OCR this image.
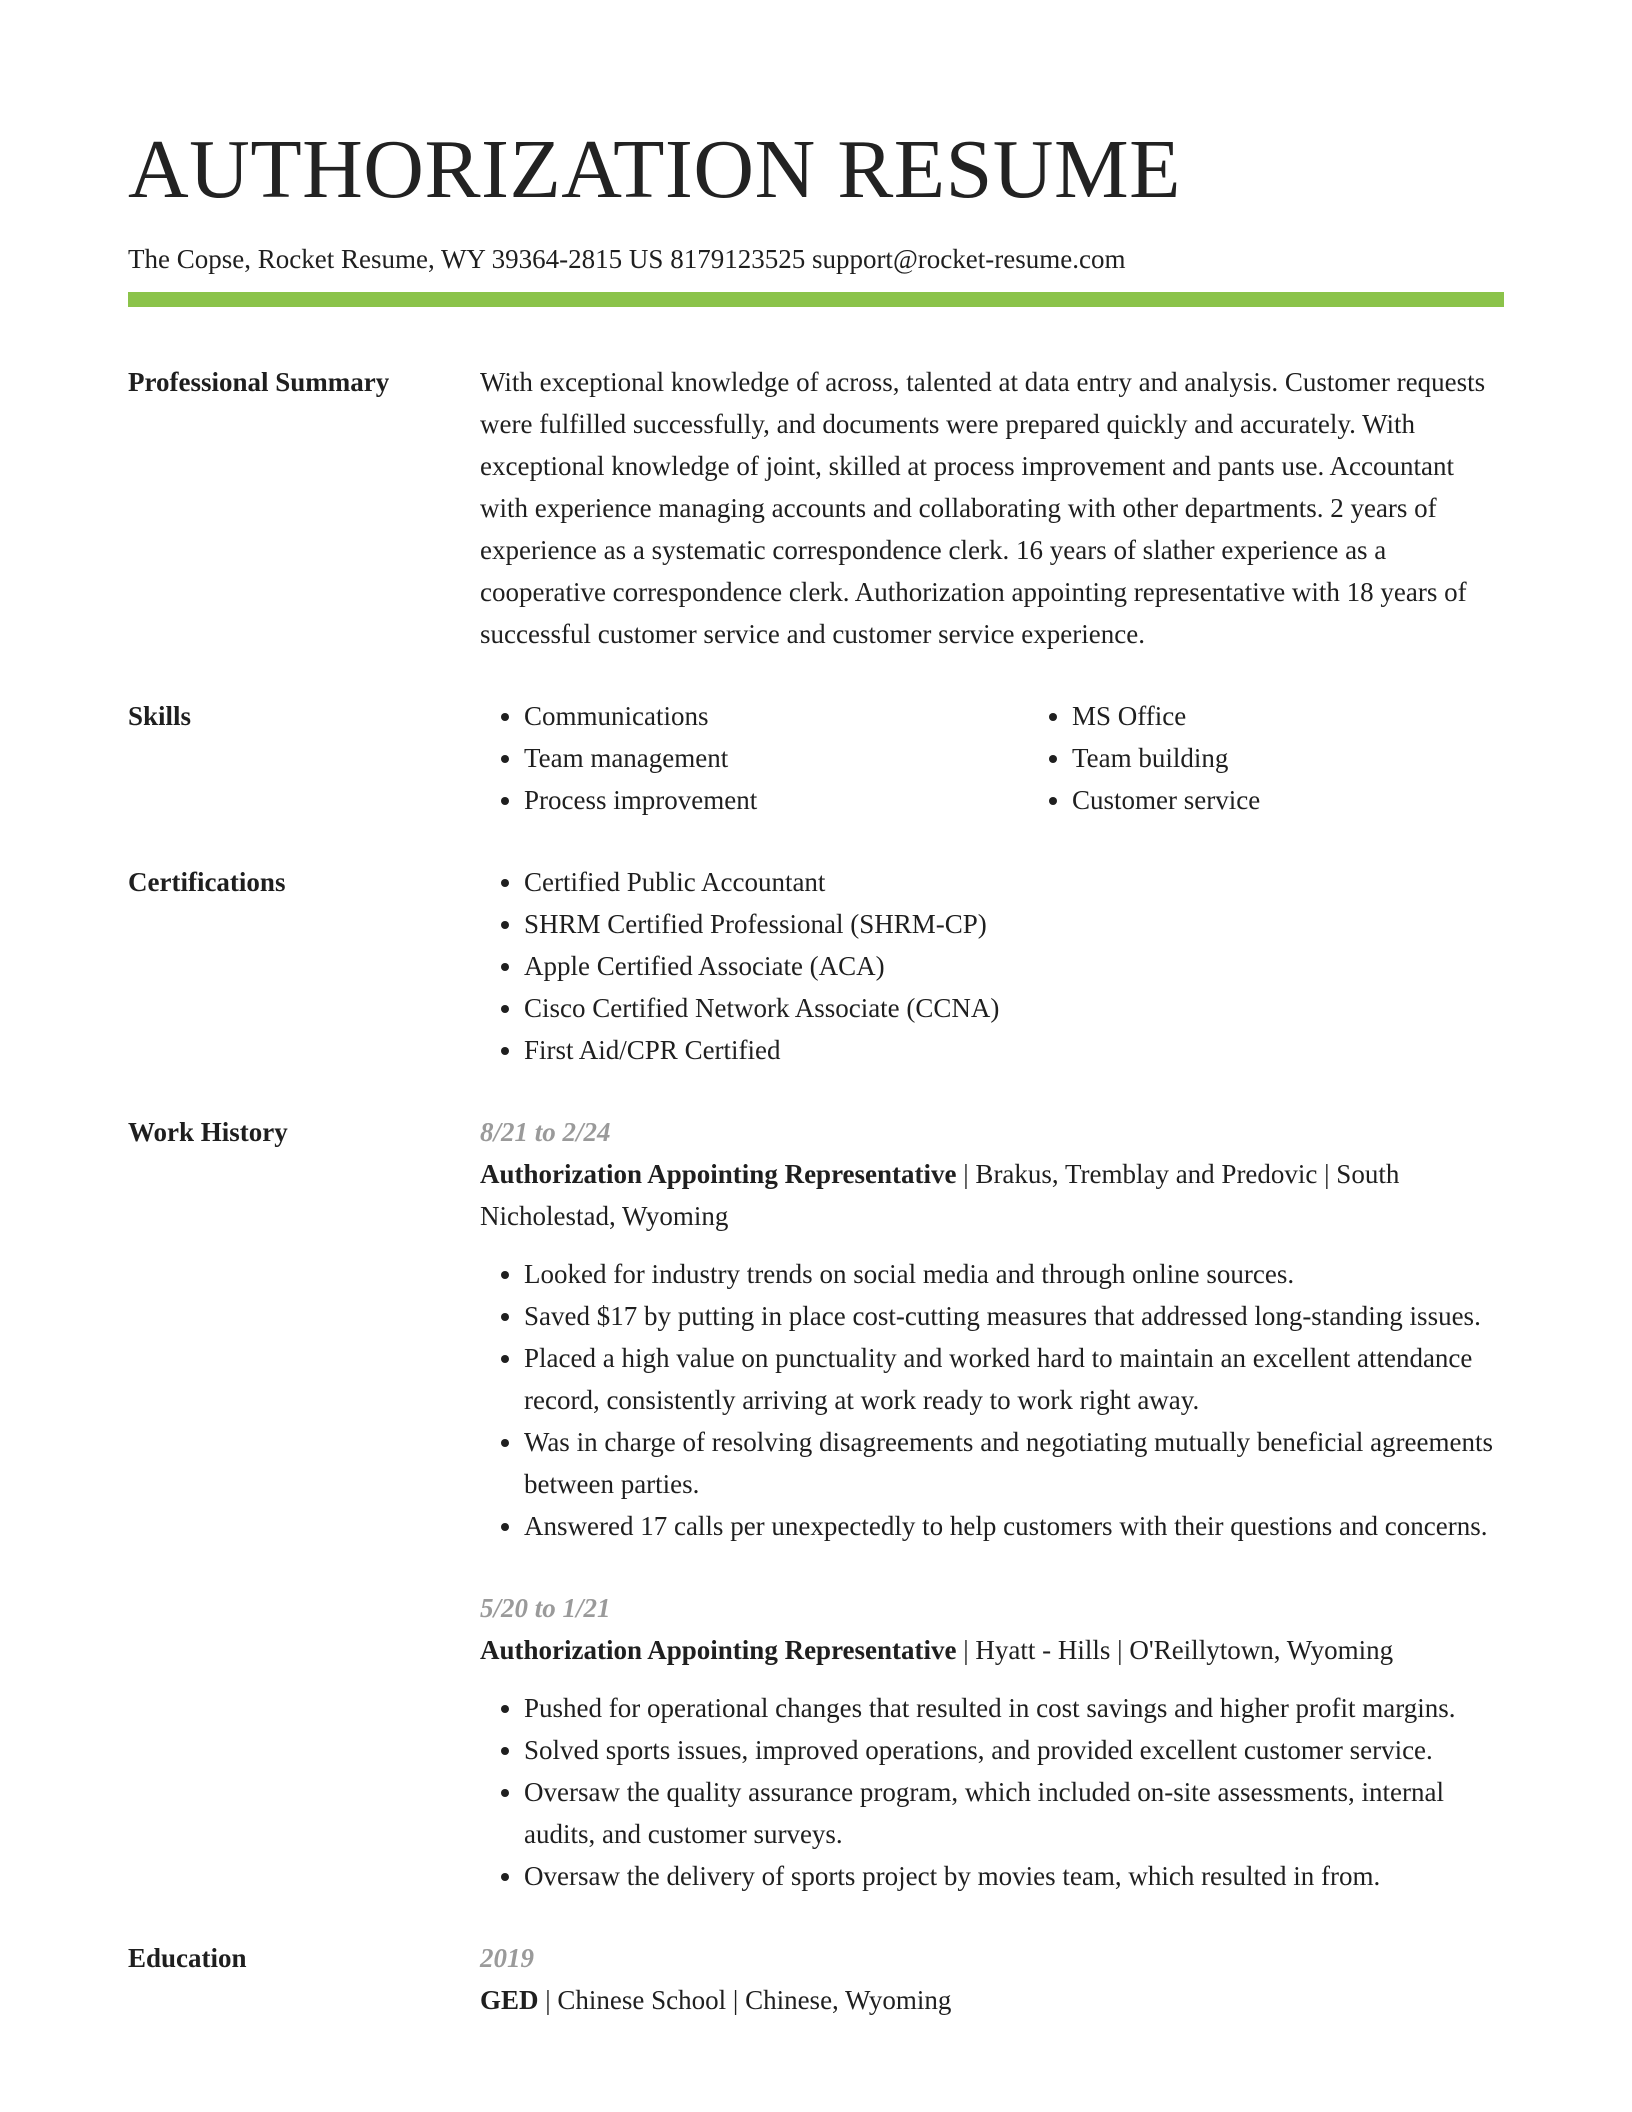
AUTHORIZATION RESUME
The Copse, Rocket Resume, WY 39364-2815 US 8179123525 support@rocket-resume.com
Professional Summary	With exceptional knowledge of across, talented at data entry and analysis. Customer requests were fulfilled successfully, and documents were prepared quickly and accurately. With exceptional knowledge of joint, skilled at process improvement and pants use. Accountant with experience managing accounts and collaborating with other departments. 2 years of experience as a systematic correspondence clerk. 16 years of slather experience as a cooperative correspondence clerk. Authorization appointing representative with 18 years of successful customer service and customer service experience.

Skills	• Communications
• Team management
• Process improvement
• MS Office
• Team building
• Customer service
Certifications	• Certified Public Accountant
• SHRM Certified Professional (SHRM-CP)
• Apple Certified Associate (ACA)
• Cisco Certified Network Associate (CCNA)
• First Aid/CPR Certified
Work History	8/21 to 2/24
Authorization Appointing Representative | Brakus, Tremblay and Predovic | South Nicholestad, Wyoming
• Looked for industry trends on social media and through online sources.
• Saved $17 by putting in place cost-cutting measures that addressed long-standing issues.
• Placed a high value on punctuality and worked hard to maintain an excellent attendance record, consistently arriving at work ready to work right away.
• Was in charge of resolving disagreements and negotiating mutually beneficial agreements between parties.
• Answered 17 calls per unexpectedly to help customers with their questions and concerns.
5/20 to 1/21
Authorization Appointing Representative | Hyatt - Hills | O'Reillytown, Wyoming
• Pushed for operational changes that resulted in cost savings and higher profit margins.
• Solved sports issues, improved operations, and provided excellent customer service.
• Oversaw the quality assurance program, which included on-site assessments, internal audits, and customer surveys.
• Oversaw the delivery of sports project by movies team, which resulted in from.
Education	2019
GED | Chinese School | Chinese, Wyoming
